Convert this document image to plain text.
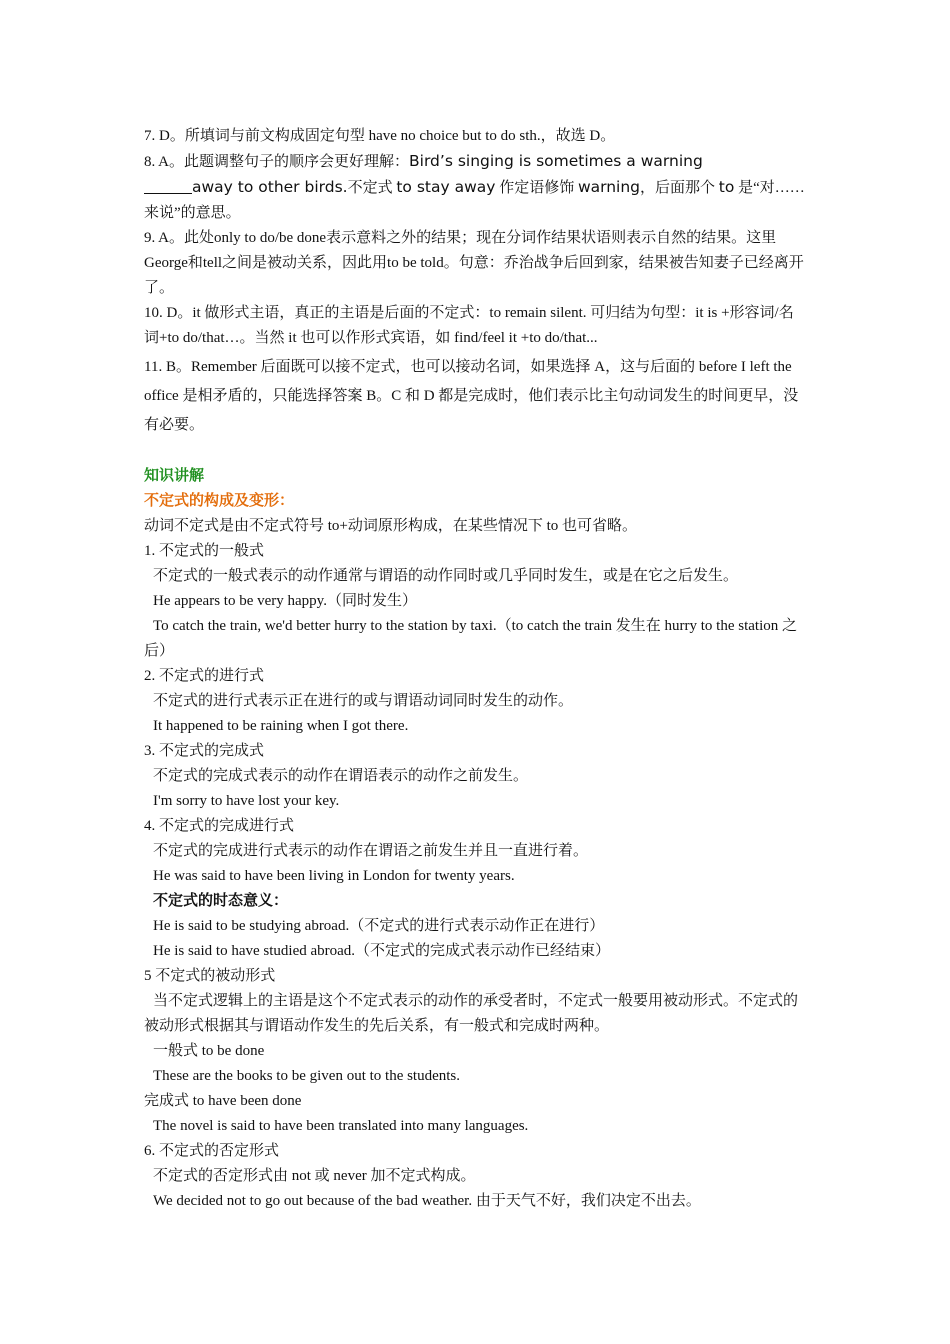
7. D。所填词与前文构成固定句型 have no choice but to do sth.，故选 D。

8. A。此题调整句子的顺序会更好理解：Bird’s singing is sometimes a warning
away to other birds.不定式 to stay away 作定语修饰 warning，后面那个 to 是“对……来说”的意思。

9. A。此处only to do/be done表示意料之外的结果；现在分词作结果状语则表示自然的结果。这里George和tell之间是被动关系，因此用to be told。句意：乔治战争后回到家，结果被告知妻子已经离开了。

10. D。it 做形式主语，真正的主语是后面的不定式：to remain silent. 可归结为句型：it is +形容词/名词+to do/that…。当然 it 也可以作形式宾语，如 find/feel it +to do/that...

11. B。Remember 后面既可以接不定式，也可以接动名词，如果选择 A，这与后面的 before I left the office 是相矛盾的，只能选择答案 B。C 和 D 都是完成时，他们表示比主句动词发生的时间更早，没有必要。

知识讲解

不定式的构成及变形：

动词不定式是由不定式符号 to+动词原形构成，在某些情况下 to 也可省略。

1. 不定式的一般式

不定式的一般式表示的动作通常与谓语的动作同时或几乎同时发生，或是在它之后发生。

He appears to be very happy.（同时发生）

To catch the train, we'd better hurry to the station by taxi.（to catch the train 发生在 hurry to the station 之后）

2. 不定式的进行式

不定式的进行式表示正在进行的或与谓语动词同时发生的动作。

It happened to be raining when I got there.

3. 不定式的完成式

不定式的完成式表示的动作在谓语表示的动作之前发生。

I'm sorry to have lost your key.

4. 不定式的完成进行式

不定式的完成进行式表示的动作在谓语之前发生并且一直进行着。

He was said to have been living in London for twenty years.

不定式的时态意义：

He is said to be studying abroad.（不定式的进行式表示动作正在进行）

He is said to have studied abroad.（不定式的完成式表示动作已经结束）

5 不定式的被动形式

当不定式逻辑上的主语是这个不定式表示的动作的承受者时，不定式一般要用被动形式。不定式的被动形式根据其与谓语动作发生的先后关系，有一般式和完成时两种。

一般式 to be done

These are the books to be given out to the students.

完成式 to have been done

The novel is said to have been translated into many languages.

6. 不定式的否定形式

不定式的否定形式由 not 或 never 加不定式构成。

We decided not to go out because of the bad weather. 由于天气不好，我们决定不出去。
